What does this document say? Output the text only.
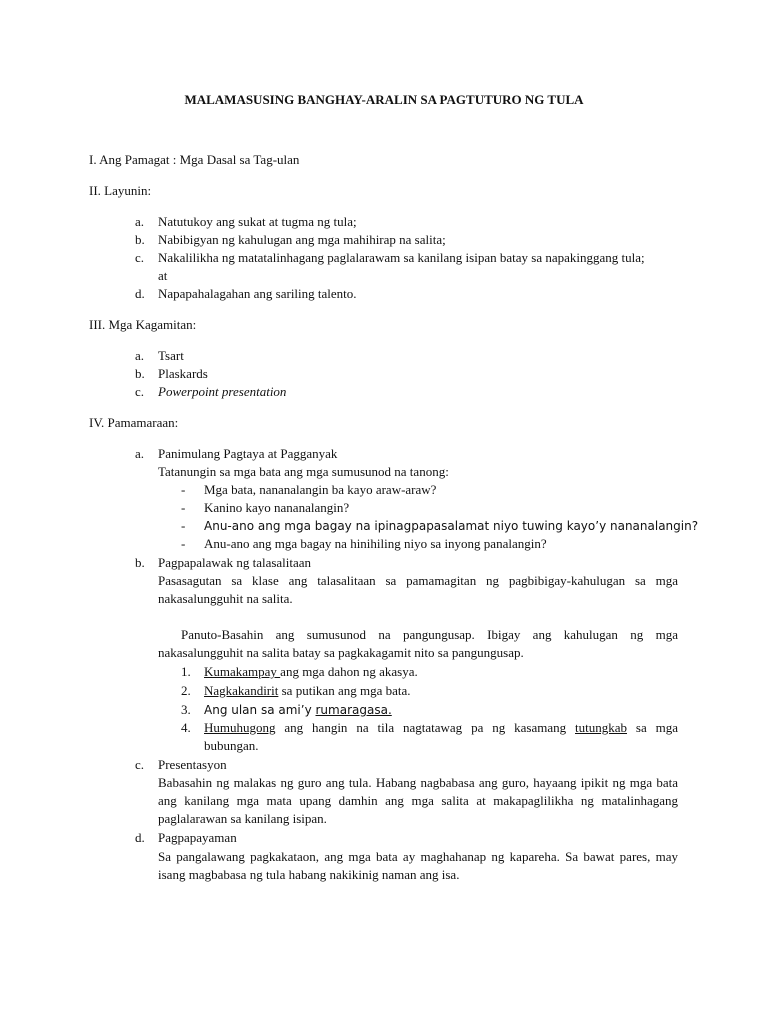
MALAMASUSING BANGHAY-ARALIN SA PAGTUTURO NG TULA
I. Ang Pamagat : Mga Dasal sa Tag-ulan
II. Layunin:
a.	Natutukoy ang sukat at tugma ng tula;
b.	Nabibigyan ng kahulugan ang mga mahihirap na salita;
c.	Nakalilikha ng matatalinhagang paglalarawam sa kanilang isipan batay sa napakinggang tula;
at
d.	Napapahalagahan ang sariling talento.
III. Mga Kagamitan:
a.	Tsart
b.	Plaskards
c.	Powerpoint presentation
IV. Pamamaraan:
a.	Panimulang Pagtaya at Pagganyak
Tatanungin sa mga bata ang mga sumusunod na tanong:
- Mga bata, nananalangin ba kayo araw-araw?
- Kanino kayo nananalangin?
- Anu-ano ang mga bagay na ipinagpapasalamat niyo tuwing kayo’y nananalangin?
- Anu-ano ang mga bagay na hinihiling niyo sa inyong panalangin?
b.	Pagpapalawak ng talasalitaan
Pasasagutan sa klase ang talasalitaan sa pamamagitan ng pagbibigay-kahulugan sa mga nakasalungguhit na salita.
Panuto-Basahin ang sumusunod na pangungusap. Ibigay ang kahulugan ng mga
nakasalungguhit na salita batay sa pagkakagamit nito sa pangungusap.
1. Kumakampay ang mga dahon ng akasya.
2. Nagkakandirit sa putikan ang mga bata.
3. Ang ulan sa ami’y rumaragasa.
4. Humuhugong ang hangin na tila nagtatawag pa ng kasamang tutungkab sa mga
bubungan.
c.	Presentasyon
Babasahin ng malakas ng guro ang tula. Habang nagbabasa ang guro, hayaang ipikit ng mga bata ang kanilang mga mata upang damhin ang mga salita at makapaglilikha ng matalinhagang paglalarawan sa kanilang isipan.
d.	Pagpapayaman
Sa pangalawang pagkakataon, ang mga bata ay maghahanap ng kapareha. Sa bawat pares, may isang magbabasa ng tula habang nakikinig naman ang isa.
